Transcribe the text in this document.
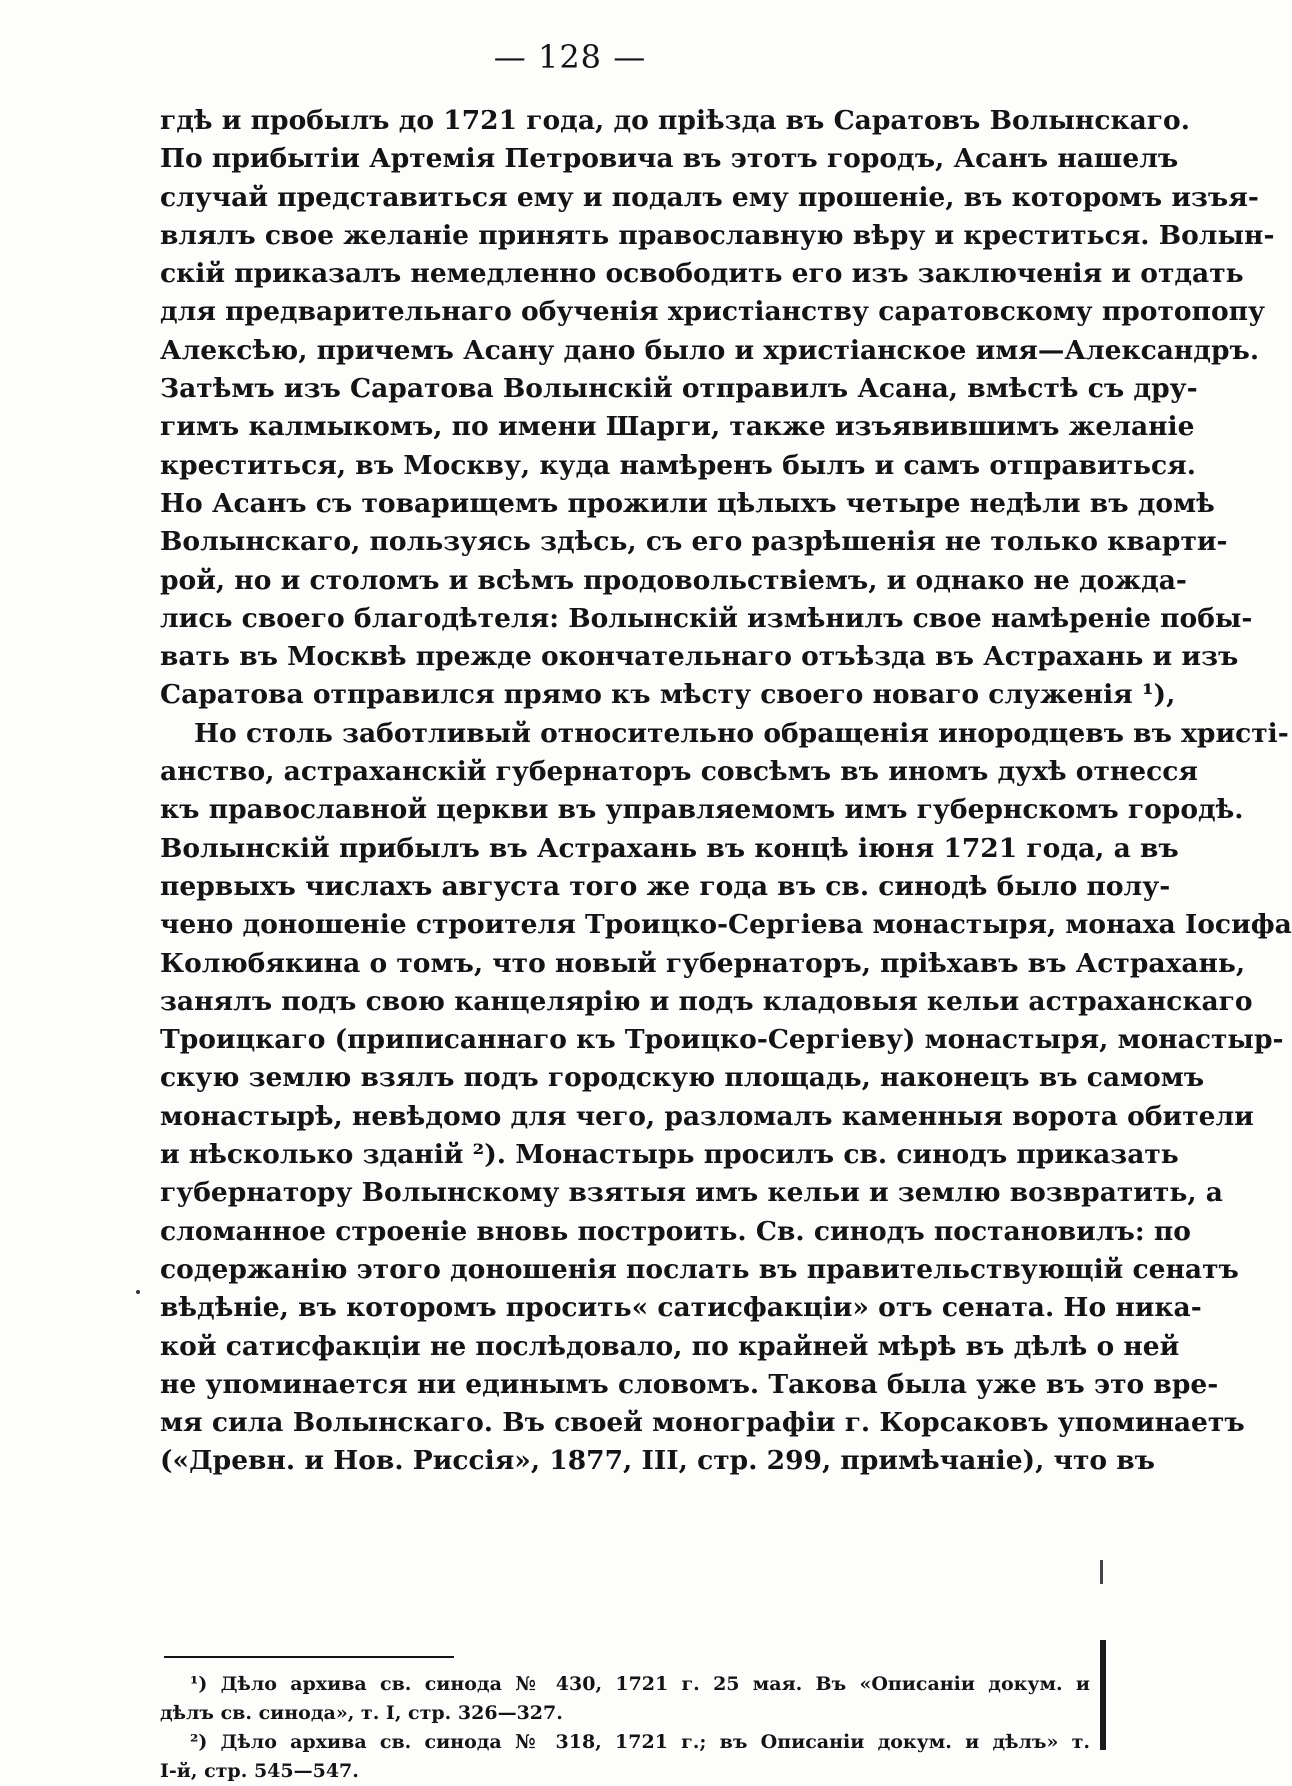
— 128 —
гдѣ и пробылъ до 1721 года, до пріѣзда въ Саратовъ Волынскаго.
По прибытіи Артемія Петровича въ этотъ городъ, Асанъ нашелъ
случай представиться ему и подалъ ему прошеніе, въ которомъ изъя-
влялъ свое желаніе принять православную вѣру и креститься. Волын-
скій приказалъ немедленно освободить его изъ заключенія и отдать
для предварительнаго обученія христіанству саратовскому протопопу
Алексѣю, причемъ Асану дано было и христіанское имя—Александръ.
Затѣмъ изъ Саратова Волынскій отправилъ Асана, вмѣстѣ съ дру-
гимъ калмыкомъ, по имени Шарги, также изъявившимъ желаніе
креститься, въ Москву, куда намѣренъ былъ и самъ отправиться.
Но Асанъ съ товарищемъ прожили цѣлыхъ четыре недѣли въ домѣ
Волынскаго, пользуясь здѣсь, съ его разрѣшенія не только кварти-
рой, но и столомъ и всѣмъ продовольствіемъ, и однако не дожда-
лись своего благодѣтеля: Волынскій измѣнилъ свое намѣреніе побы-
вать въ Москвѣ прежде окончательнаго отъѣзда въ Астрахань и изъ
Саратова отправился прямо къ мѣсту своего новаго служенія ¹),
Но столь заботливый относительно обращенія инородцевъ въ христі-
анство, астраханскій губернаторъ совсѣмъ въ иномъ духѣ отнесся
къ православной церкви въ управляемомъ имъ губернскомъ городѣ.
Волынскій прибылъ въ Астрахань въ концѣ іюня 1721 года, а въ
первыхъ числахъ августа того же года въ св. синодѣ было полу-
чено доношеніе строителя Троицко-Сергіева монастыря, монаха Іосифа
Колюбякина о томъ, что новый губернаторъ, пріѣхавъ въ Астрахань,
занялъ подъ свою канцелярію и подъ кладовыя кельи астраханскаго
Троицкаго (приписаннаго къ Троицко-Сергіеву) монастыря, монастыр-
скую землю взялъ подъ городскую площадь, наконецъ въ самомъ
монастырѣ, невѣдомо для чего, разломалъ каменныя ворота обители
и нѣсколько зданій ²). Монастырь просилъ св. синодъ приказать
губернатору Волынскому взятыя имъ кельи и землю возвратить, а
сломанное строеніе вновь построить. Св. синодъ постановилъ: по
содержанію этого доношенія послать въ правительствующій сенатъ
вѣдѣніе, въ которомъ просить« сатисфакціи» отъ сената. Но ника-
кой сатисфакціи не послѣдовало, по крайней мѣрѣ въ дѣлѣ о ней
не упоминается ни единымъ словомъ. Такова была уже въ это вре-
мя сила Волынскаго. Въ своей монографіи г. Корсаковъ упоминаетъ
(«Древн. и Нов. Риссія», 1877, III, стр. 299, примѣчаніе), что въ
¹) Дѣло архива св. синода № 430, 1721 г. 25 мая. Въ «Описаніи докум. и
дѣлъ св. синода», т. I, стр. 326—327.
²) Дѣло архива св. синода № 318, 1721 г.; въ Описаніи докум. и дѣлъ» т.
I-й, стр. 545—547.
